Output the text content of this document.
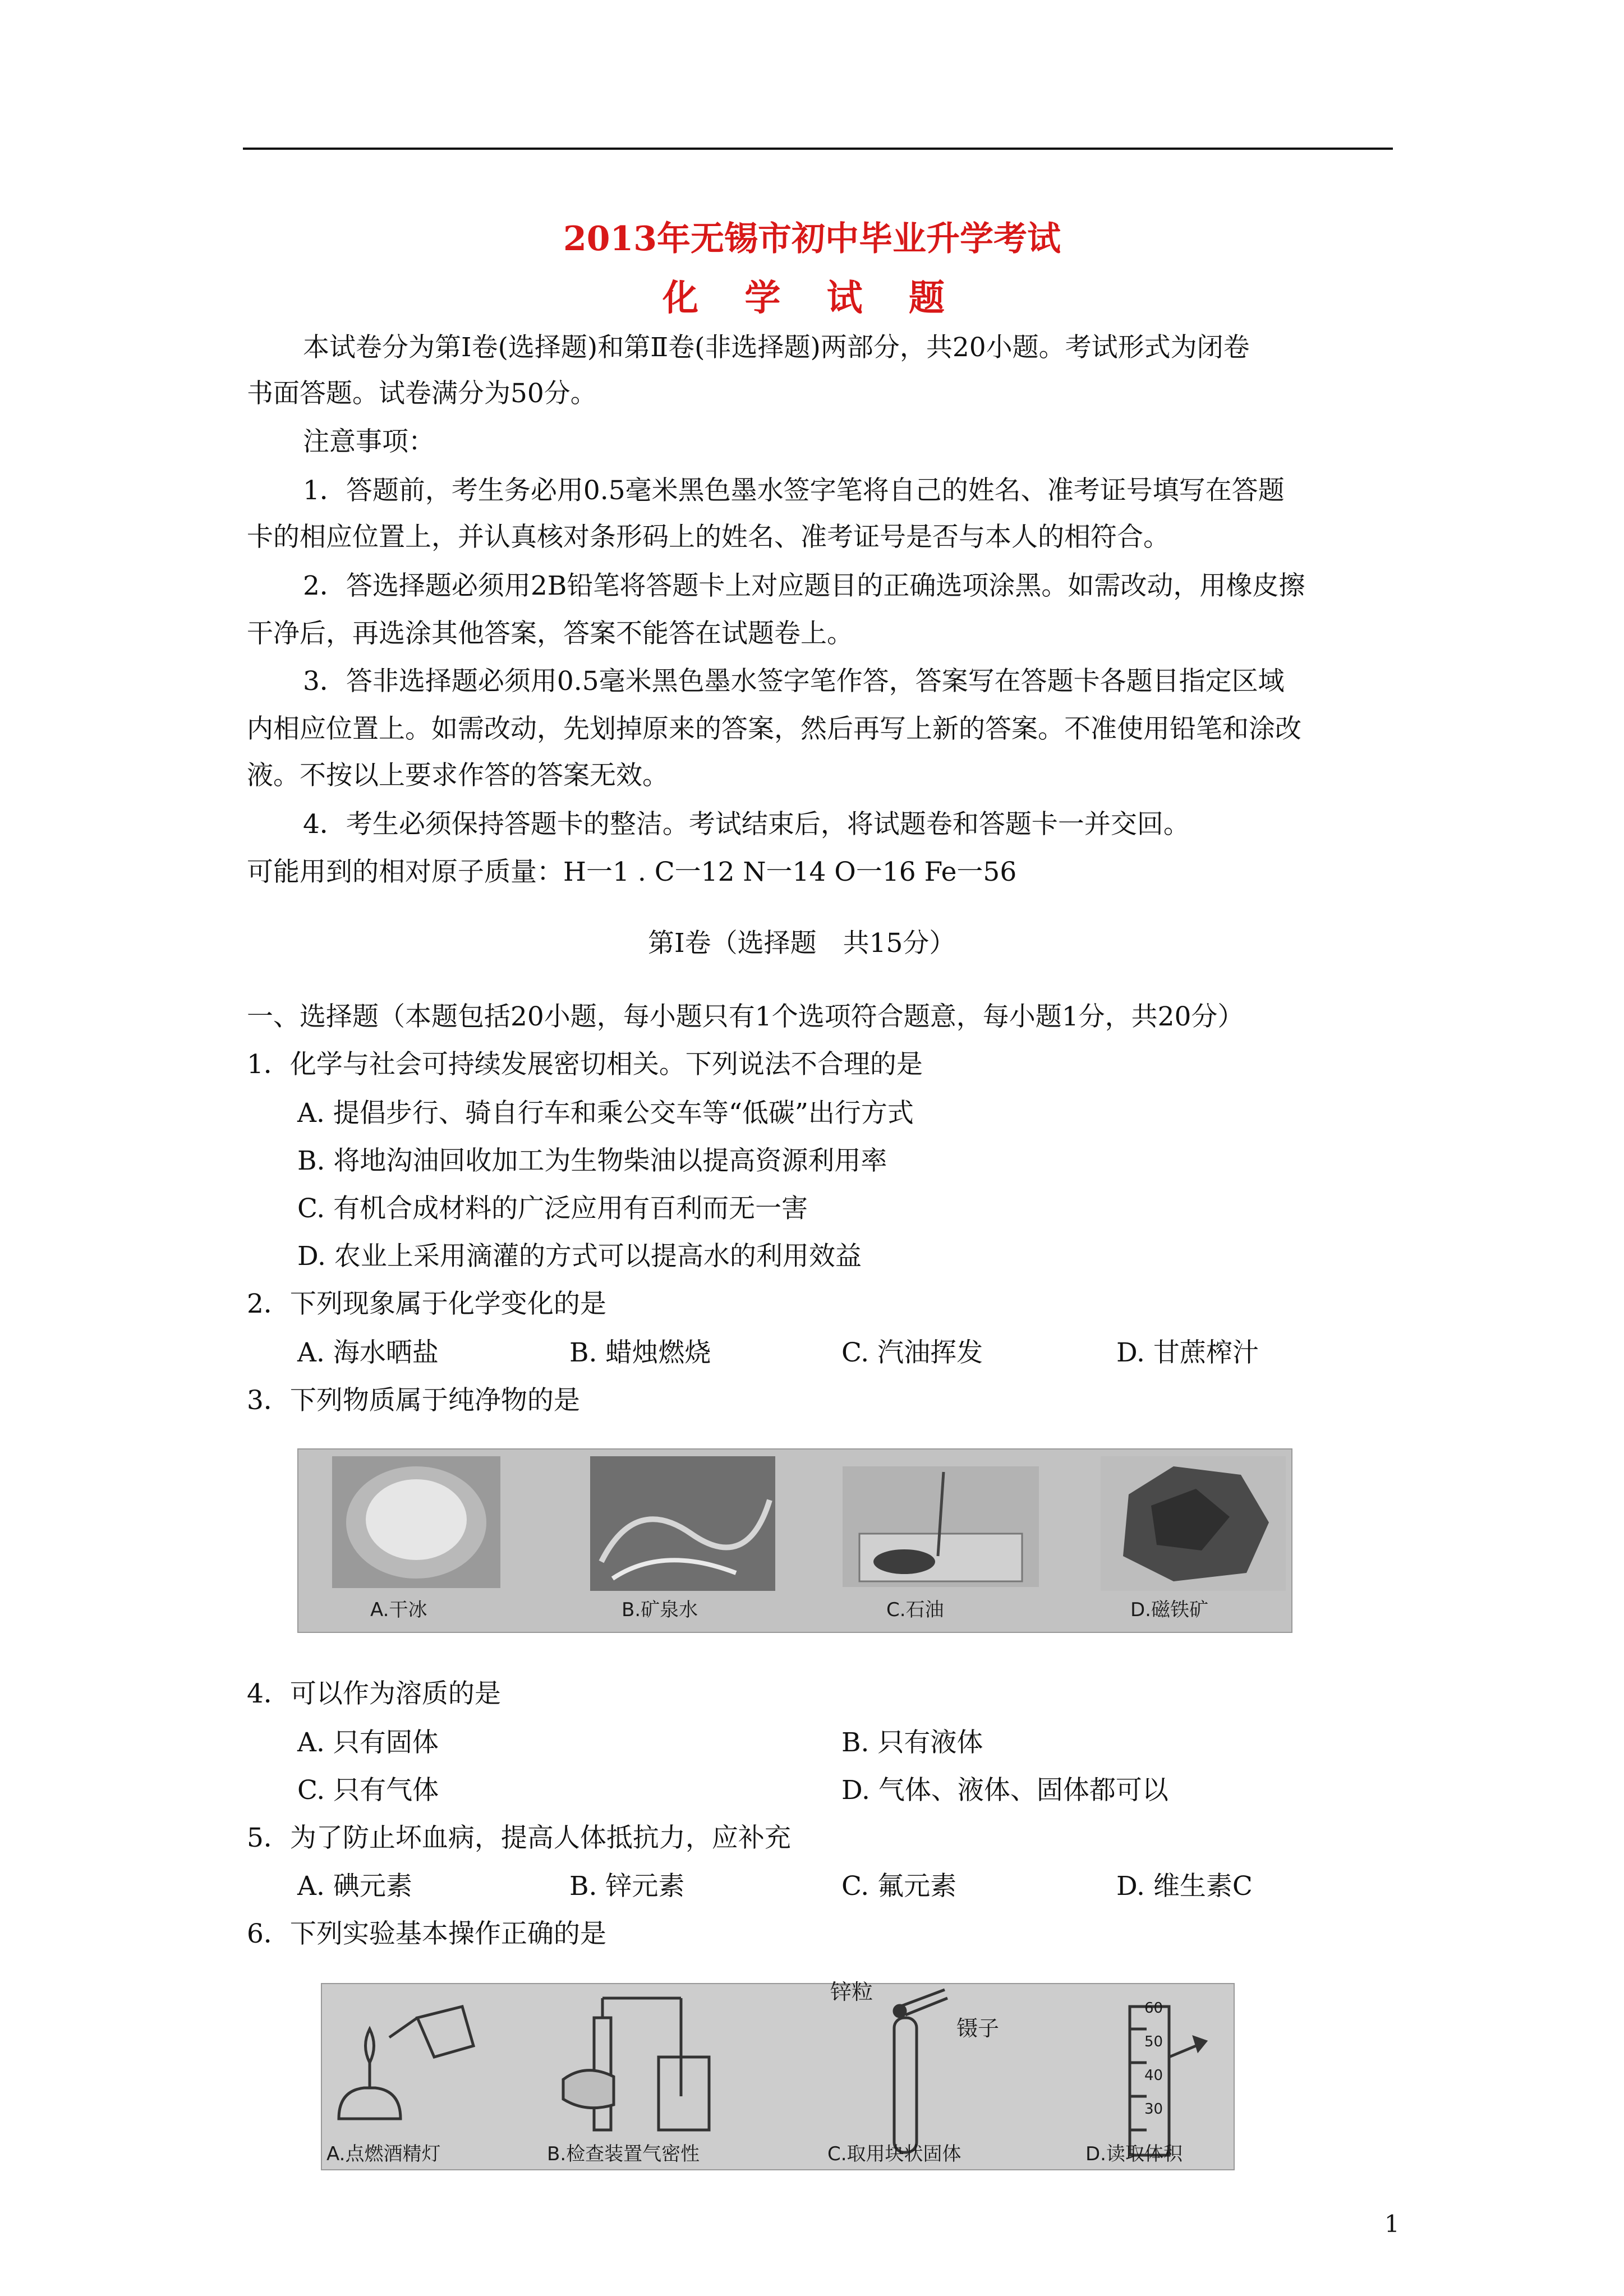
2013年无锡市初中毕业升学考试
化 学 试 题
本试卷分为第Ⅰ卷(选择题)和第Ⅱ卷(非选择题)两部分，共20小题。考试形式为闭卷
书面答题。试卷满分为50分。
注意事项：
1．答题前，考生务必用0.5毫米黑色墨水签字笔将自己的姓名、准考证号填写在答题
卡的相应位置上，并认真核对条形码上的姓名、准考证号是否与本人的相符合。
2．答选择题必须用2B铅笔将答题卡上对应题目的正确选项涂黑。如需改动，用橡皮擦
干净后，再选涂其他答案，答案不能答在试题卷上。
3．答非选择题必须用0.5毫米黑色墨水签字笔作答，答案写在答题卡各题目指定区域
内相应位置上。如需改动，先划掉原来的答案，然后再写上新的答案。不准使用铅笔和涂改
液。不按以上要求作答的答案无效。
4．考生必须保持答题卡的整洁。考试结束后，将试题卷和答题卡一并交回。
可能用到的相对原子质量：H一1 . C一12 N一14 O一16 Fe一56
第Ⅰ卷（选择题　共15分）
一、选择题（本题包括20小题，每小题只有1个选项符合题意，每小题1分，共20分）
1．化学与社会可持续发展密切相关。下列说法不合理的是
A. 提倡步行、骑自行车和乘公交车等“低碳”出行方式
B. 将地沟油回收加工为生物柴油以提高资源利用率
C. 有机合成材料的广泛应用有百利而无一害
D. 农业上采用滴灌的方式可以提高水的利用效益
2．下列现象属于化学变化的是
A. 海水晒盐	B. 蜡烛燃烧	C. 汽油挥发	D. 甘蔗榨汁
3．下列物质属于纯净物的是
A.干冰	B.矿泉水	C.石油	D.磁铁矿
4．可以作为溶质的是
A. 只有固体	B. 只有液体
C. 只有气体	D. 气体、液体、固体都可以
5．为了防止坏血病，提高人体抵抗力，应补充
A. 碘元素	B. 锌元素	C. 氟元素	D. 维生素C
6．下列实验基本操作正确的是
锌粒
镊子
60
50
40
30
A.点燃酒精灯	B.检查装置气密性	C.取用块状固体	D.读取体积
1
